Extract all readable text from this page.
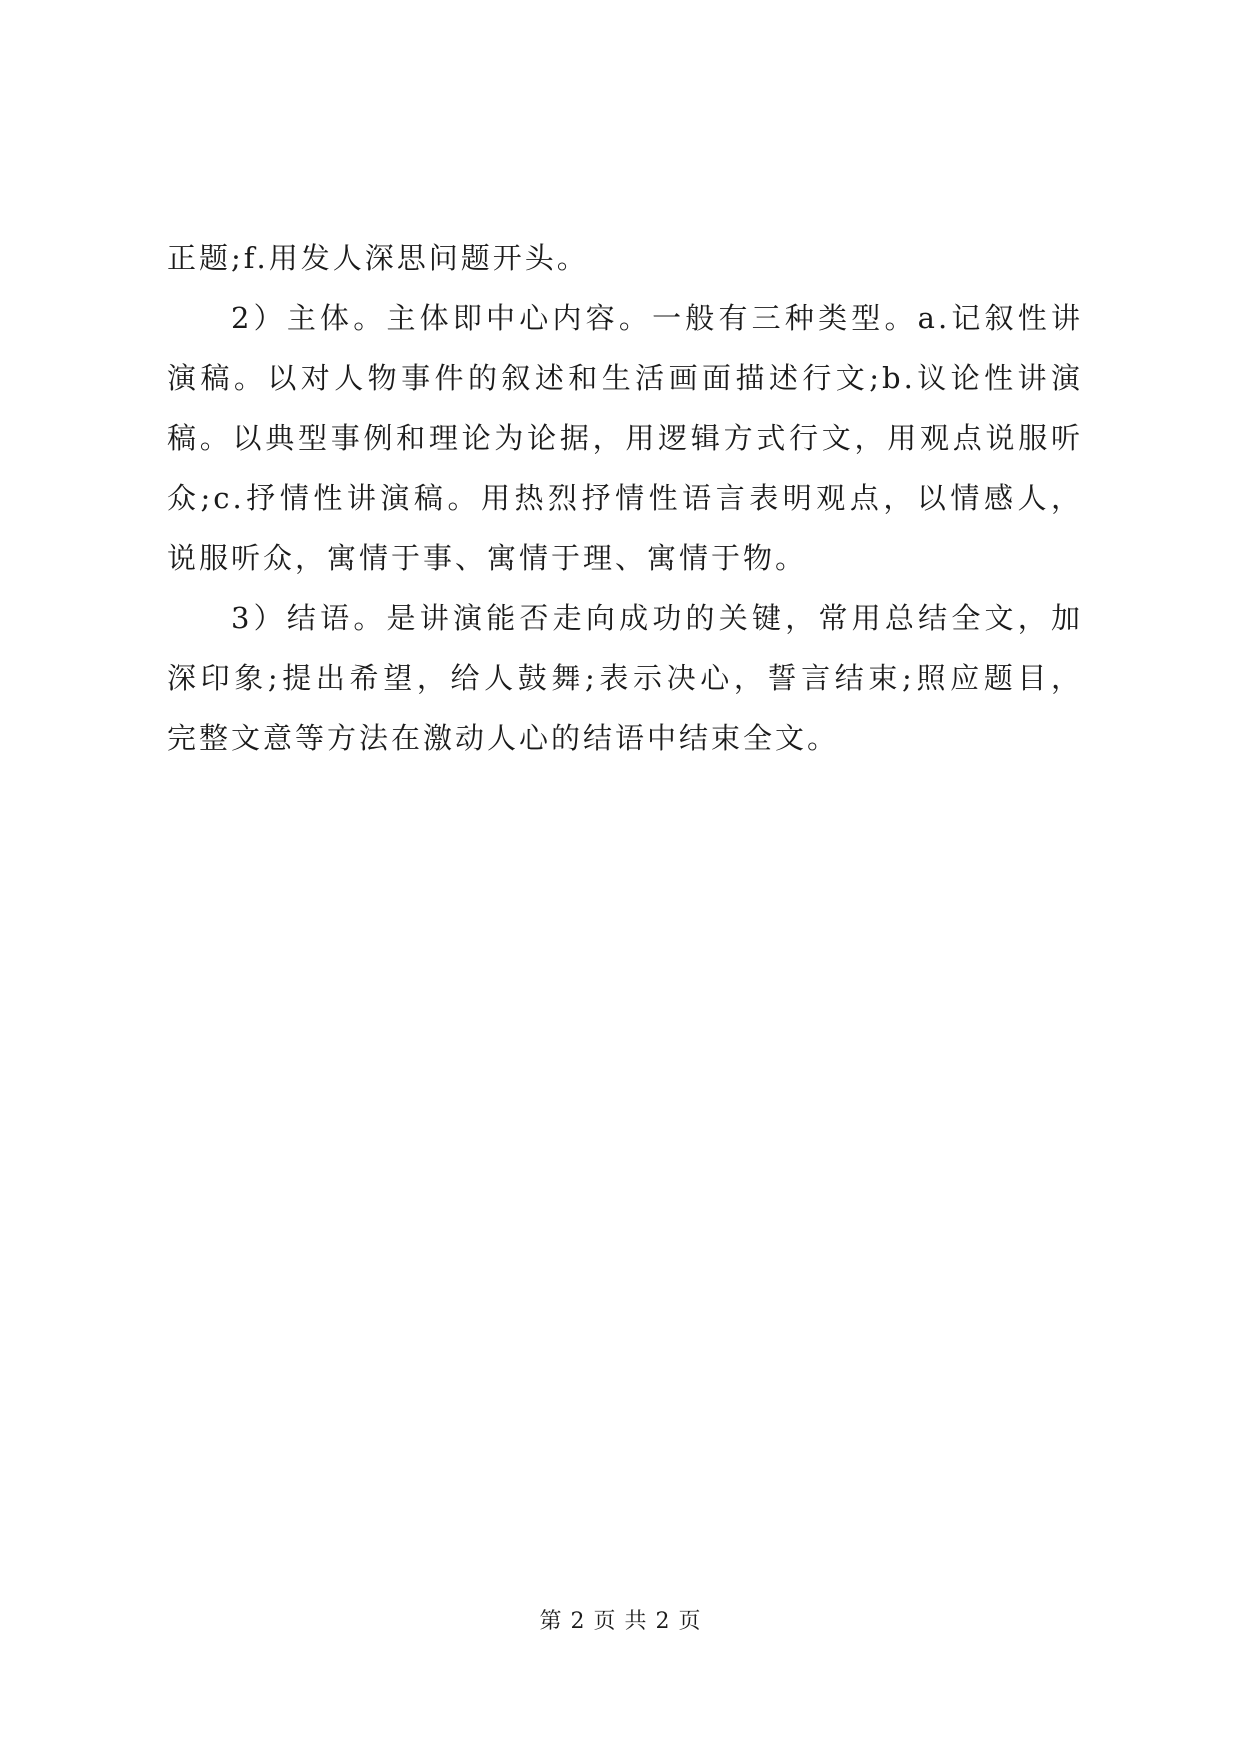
正题;f.用发人深思问题开头。
2）主体。主体即中心内容。一般有三种类型。a.记叙性讲
演稿。以对人物事件的叙述和生活画面描述行文;b.议论性讲演
稿。以典型事例和理论为论据，用逻辑方式行文，用观点说服听
众;c.抒情性讲演稿。用热烈抒情性语言表明观点，以情感人，
说服听众，寓情于事、寓情于理、寓情于物。
3）结语。是讲演能否走向成功的关键，常用总结全文，加
深印象;提出希望，给人鼓舞;表示决心，誓言结束;照应题目，
完整文意等方法在激动人心的结语中结束全文。
第 2 页 共 2 页
